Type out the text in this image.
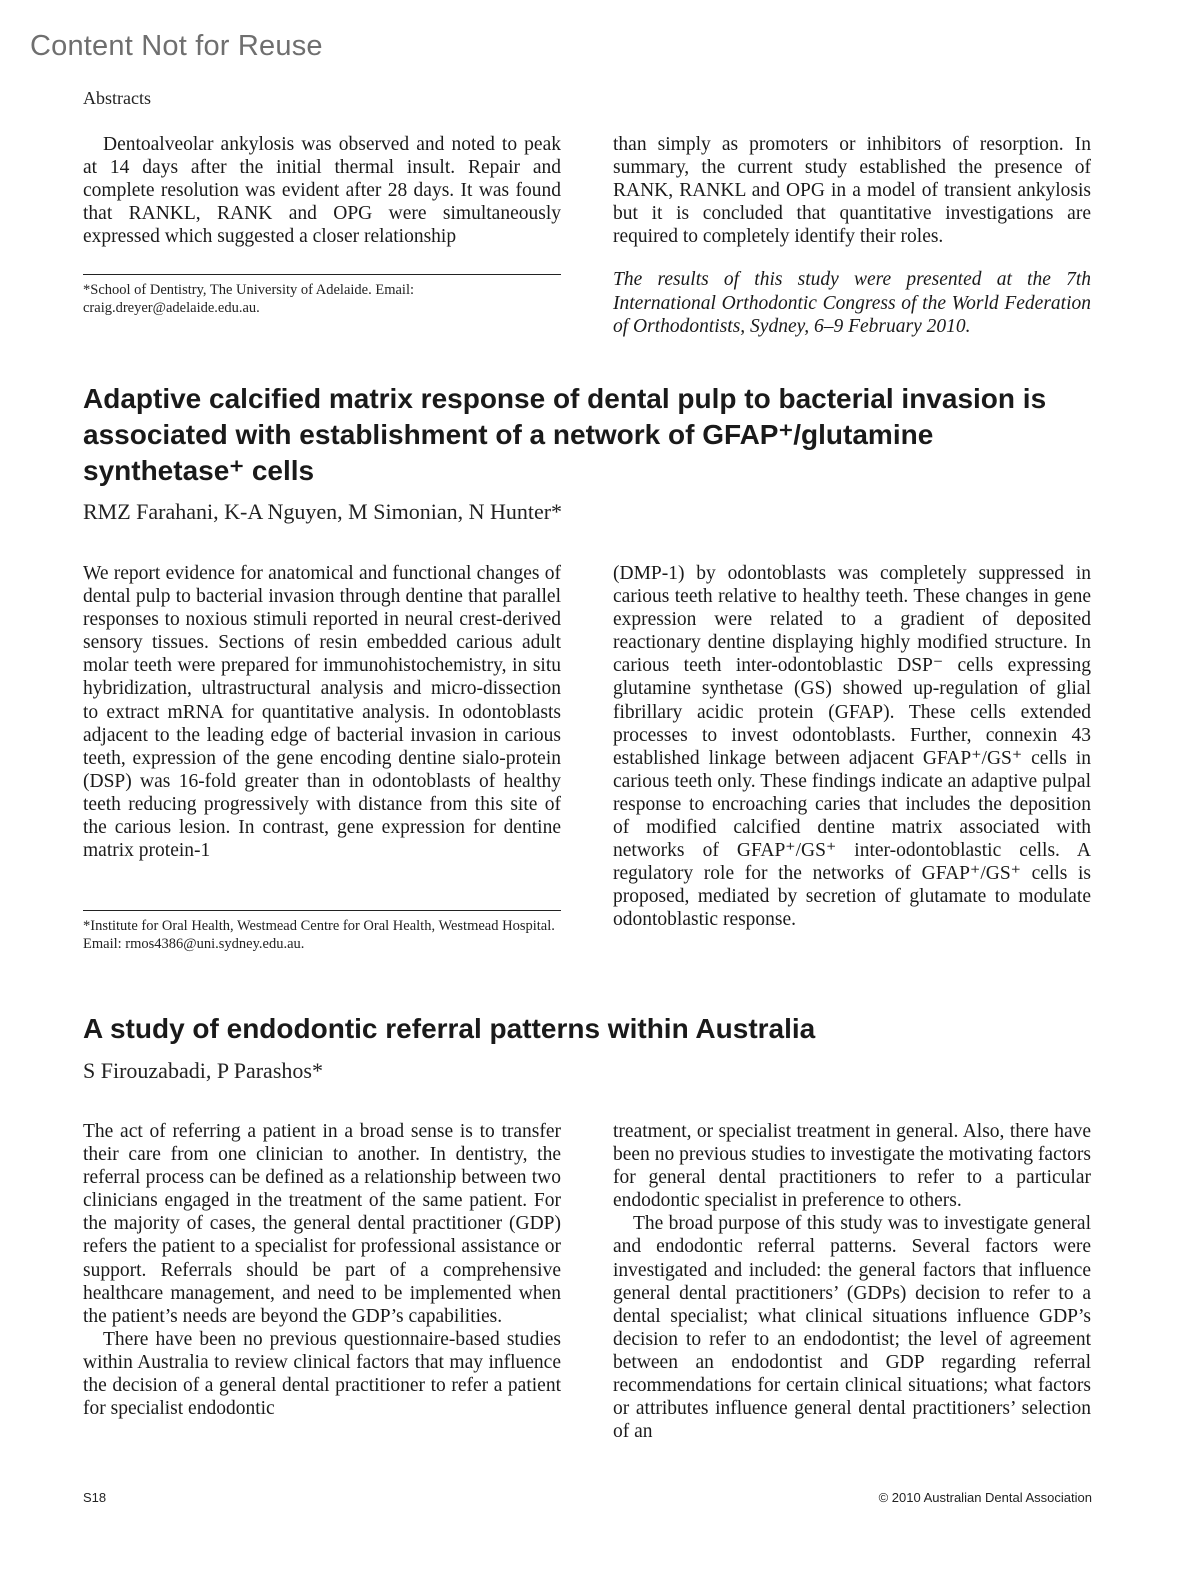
Content Not for Reuse
Abstracts

Dentoalveolar ankylosis was observed and noted to peak at 14 days after the initial thermal insult. Repair and complete resolution was evident after 28 days. It was found that RANKL, RANK and OPG were simultaneously expressed which suggested a closer relationship

than simply as promoters or inhibitors of resorption. In summary, the current study established the presence of RANK, RANKL and OPG in a model of transient ankylosis but it is concluded that quantitative investigations are required to completely identify their roles.

*School of Dentistry, The University of Adelaide. Email: craig.dreyer@adelaide.edu.au.
The results of this study were presented at the 7th International Orthodontic Congress of the World Federation of Orthodontists, Sydney, 6–9 February 2010.
Adaptive calcified matrix response of dental pulp to bacterial invasion is associated with establishment of a network of GFAP⁺/glutamine synthetase⁺ cells
RMZ Farahani, K-A Nguyen, M Simonian, N Hunter*

We report evidence for anatomical and functional changes of dental pulp to bacterial invasion through dentine that parallel responses to noxious stimuli reported in neural crest-derived sensory tissues. Sections of resin embedded carious adult molar teeth were prepared for immunohistochemistry, in situ hybridization, ultrastructural analysis and micro-dissection to extract mRNA for quantitative analysis. In odontoblasts adjacent to the leading edge of bacterial invasion in carious teeth, expression of the gene encoding dentine sialo-protein (DSP) was 16-fold greater than in odontoblasts of healthy teeth reducing progressively with distance from this site of the carious lesion. In contrast, gene expression for dentine matrix protein-1

(DMP-1) by odontoblasts was completely suppressed in carious teeth relative to healthy teeth. These changes in gene expression were related to a gradient of deposited reactionary dentine displaying highly modified structure. In carious teeth inter-odontoblastic DSP⁻ cells expressing glutamine synthetase (GS) showed up-regulation of glial fibrillary acidic protein (GFAP). These cells extended processes to invest odontoblasts. Further, connexin 43 established linkage between adjacent GFAP⁺/GS⁺ cells in carious teeth only. These findings indicate an adaptive pulpal response to encroaching caries that includes the deposition of modified calcified dentine matrix associated with networks of GFAP⁺/GS⁺ inter-odontoblastic cells. A regulatory role for the networks of GFAP⁺/GS⁺ cells is proposed, mediated by secretion of glutamate to modulate odontoblastic response.

*Institute for Oral Health, Westmead Centre for Oral Health, Westmead Hospital. Email: rmos4386@uni.sydney.edu.au.
A study of endodontic referral patterns within Australia
S Firouzabadi, P Parashos*

The act of referring a patient in a broad sense is to transfer their care from one clinician to another. In dentistry, the referral process can be defined as a relationship between two clinicians engaged in the treatment of the same patient. For the majority of cases, the general dental practitioner (GDP) refers the patient to a specialist for professional assistance or support. Referrals should be part of a comprehensive healthcare management, and need to be implemented when the patient’s needs are beyond the GDP’s capabilities.

There have been no previous questionnaire-based studies within Australia to review clinical factors that may influence the decision of a general dental practitioner to refer a patient for specialist endodontic

treatment, or specialist treatment in general. Also, there have been no previous studies to investigate the motivating factors for general dental practitioners to refer to a particular endodontic specialist in preference to others.

The broad purpose of this study was to investigate general and endodontic referral patterns. Several factors were investigated and included: the general factors that influence general dental practitioners’ (GDPs) decision to refer to a dental specialist; what clinical situations influence GDP’s decision to refer to an endodontist; the level of agreement between an endodontist and GDP regarding referral recommendations for certain clinical situations; what factors or attributes influence general dental practitioners’ selection of an

S18	© 2010 Australian Dental Association
